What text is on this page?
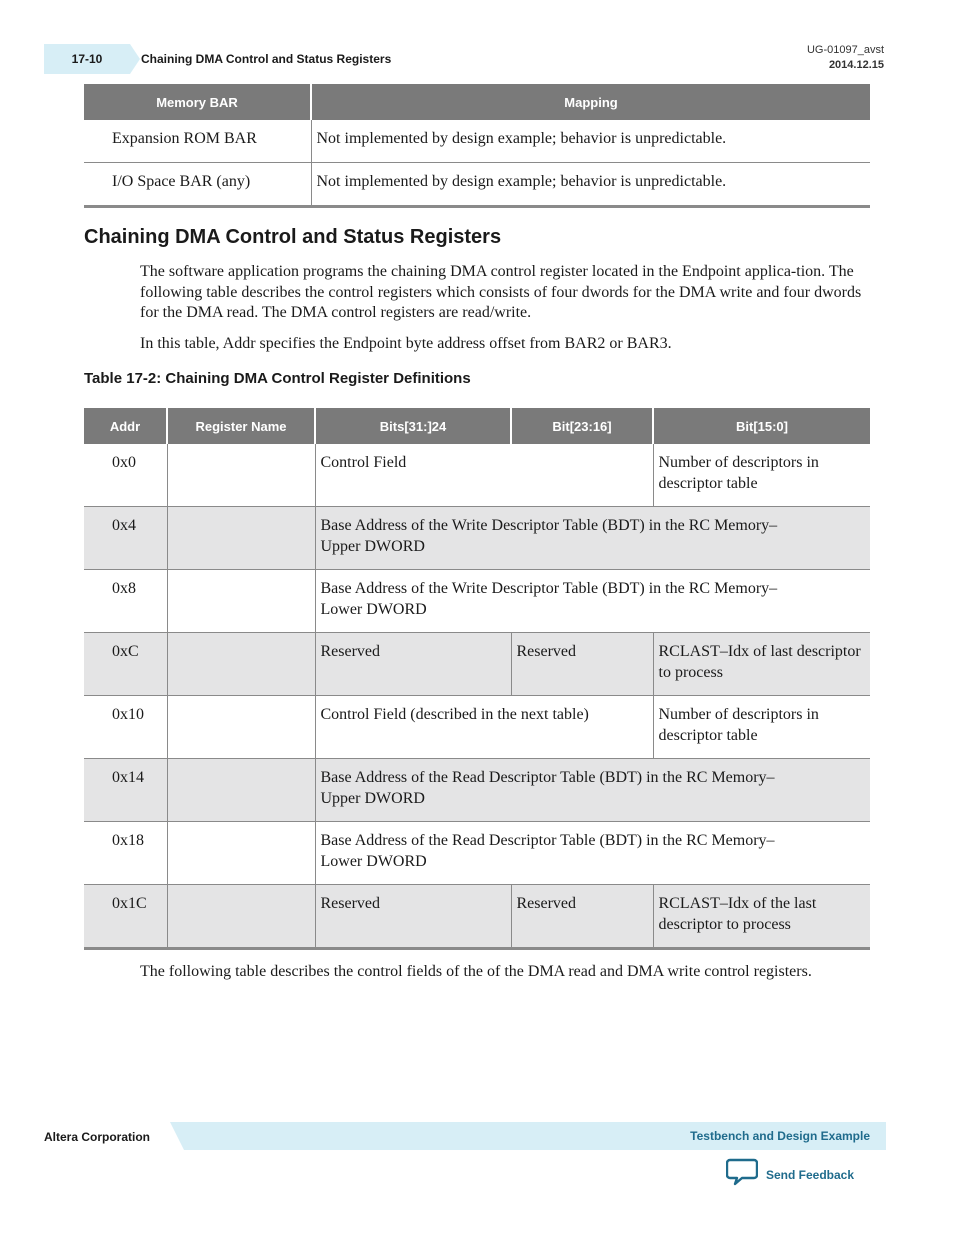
17-10	Chaining DMA Control and Status Registers
UG-01097_avst
2014.12.15
Memory BAR	Mapping
Expansion ROM BAR	Not implemented by design example; behavior is unpredictable.
I/O Space BAR (any)	Not implemented by design example; behavior is unpredictable.
Chaining DMA Control and Status Registers

The software application programs the chaining DMA control register located in the Endpoint applica-tion. The following table describes the control registers which consists of four dwords for the DMA write and four dwords for the DMA read. The DMA control registers are read/write.

In this table, Addr specifies the Endpoint byte address offset from BAR2 or BAR3.

Table 17-2: Chaining DMA Control Register Definitions

Addr	Register Name	Bits[31:]24	Bit[23:16]	Bit[15:0]
0x0		Control Field		Number of descriptors in descriptor table
0x4		Base Address of the Write Descriptor Table (BDT) in the RC Memory–Upper DWORD		
0x8		Base Address of the Write Descriptor Table (BDT) in the RC Memory–Lower DWORD		
0xC		Reserved	Reserved	RCLAST–Idx of last descriptor to process
0x10		Control Field (described in the next table)		Number of descriptors in descriptor table
0x14		Base Address of the Read Descriptor Table (BDT) in the RC Memory–Upper DWORD		
0x18		Base Address of the Read Descriptor Table (BDT) in the RC Memory–Lower DWORD		
0x1C		Reserved	Reserved	RCLAST–Idx of the last descriptor to process

The following table describes the control fields of the of the DMA read and DMA write control registers.

Altera Corporation	Testbench and Design Example
Send Feedback
